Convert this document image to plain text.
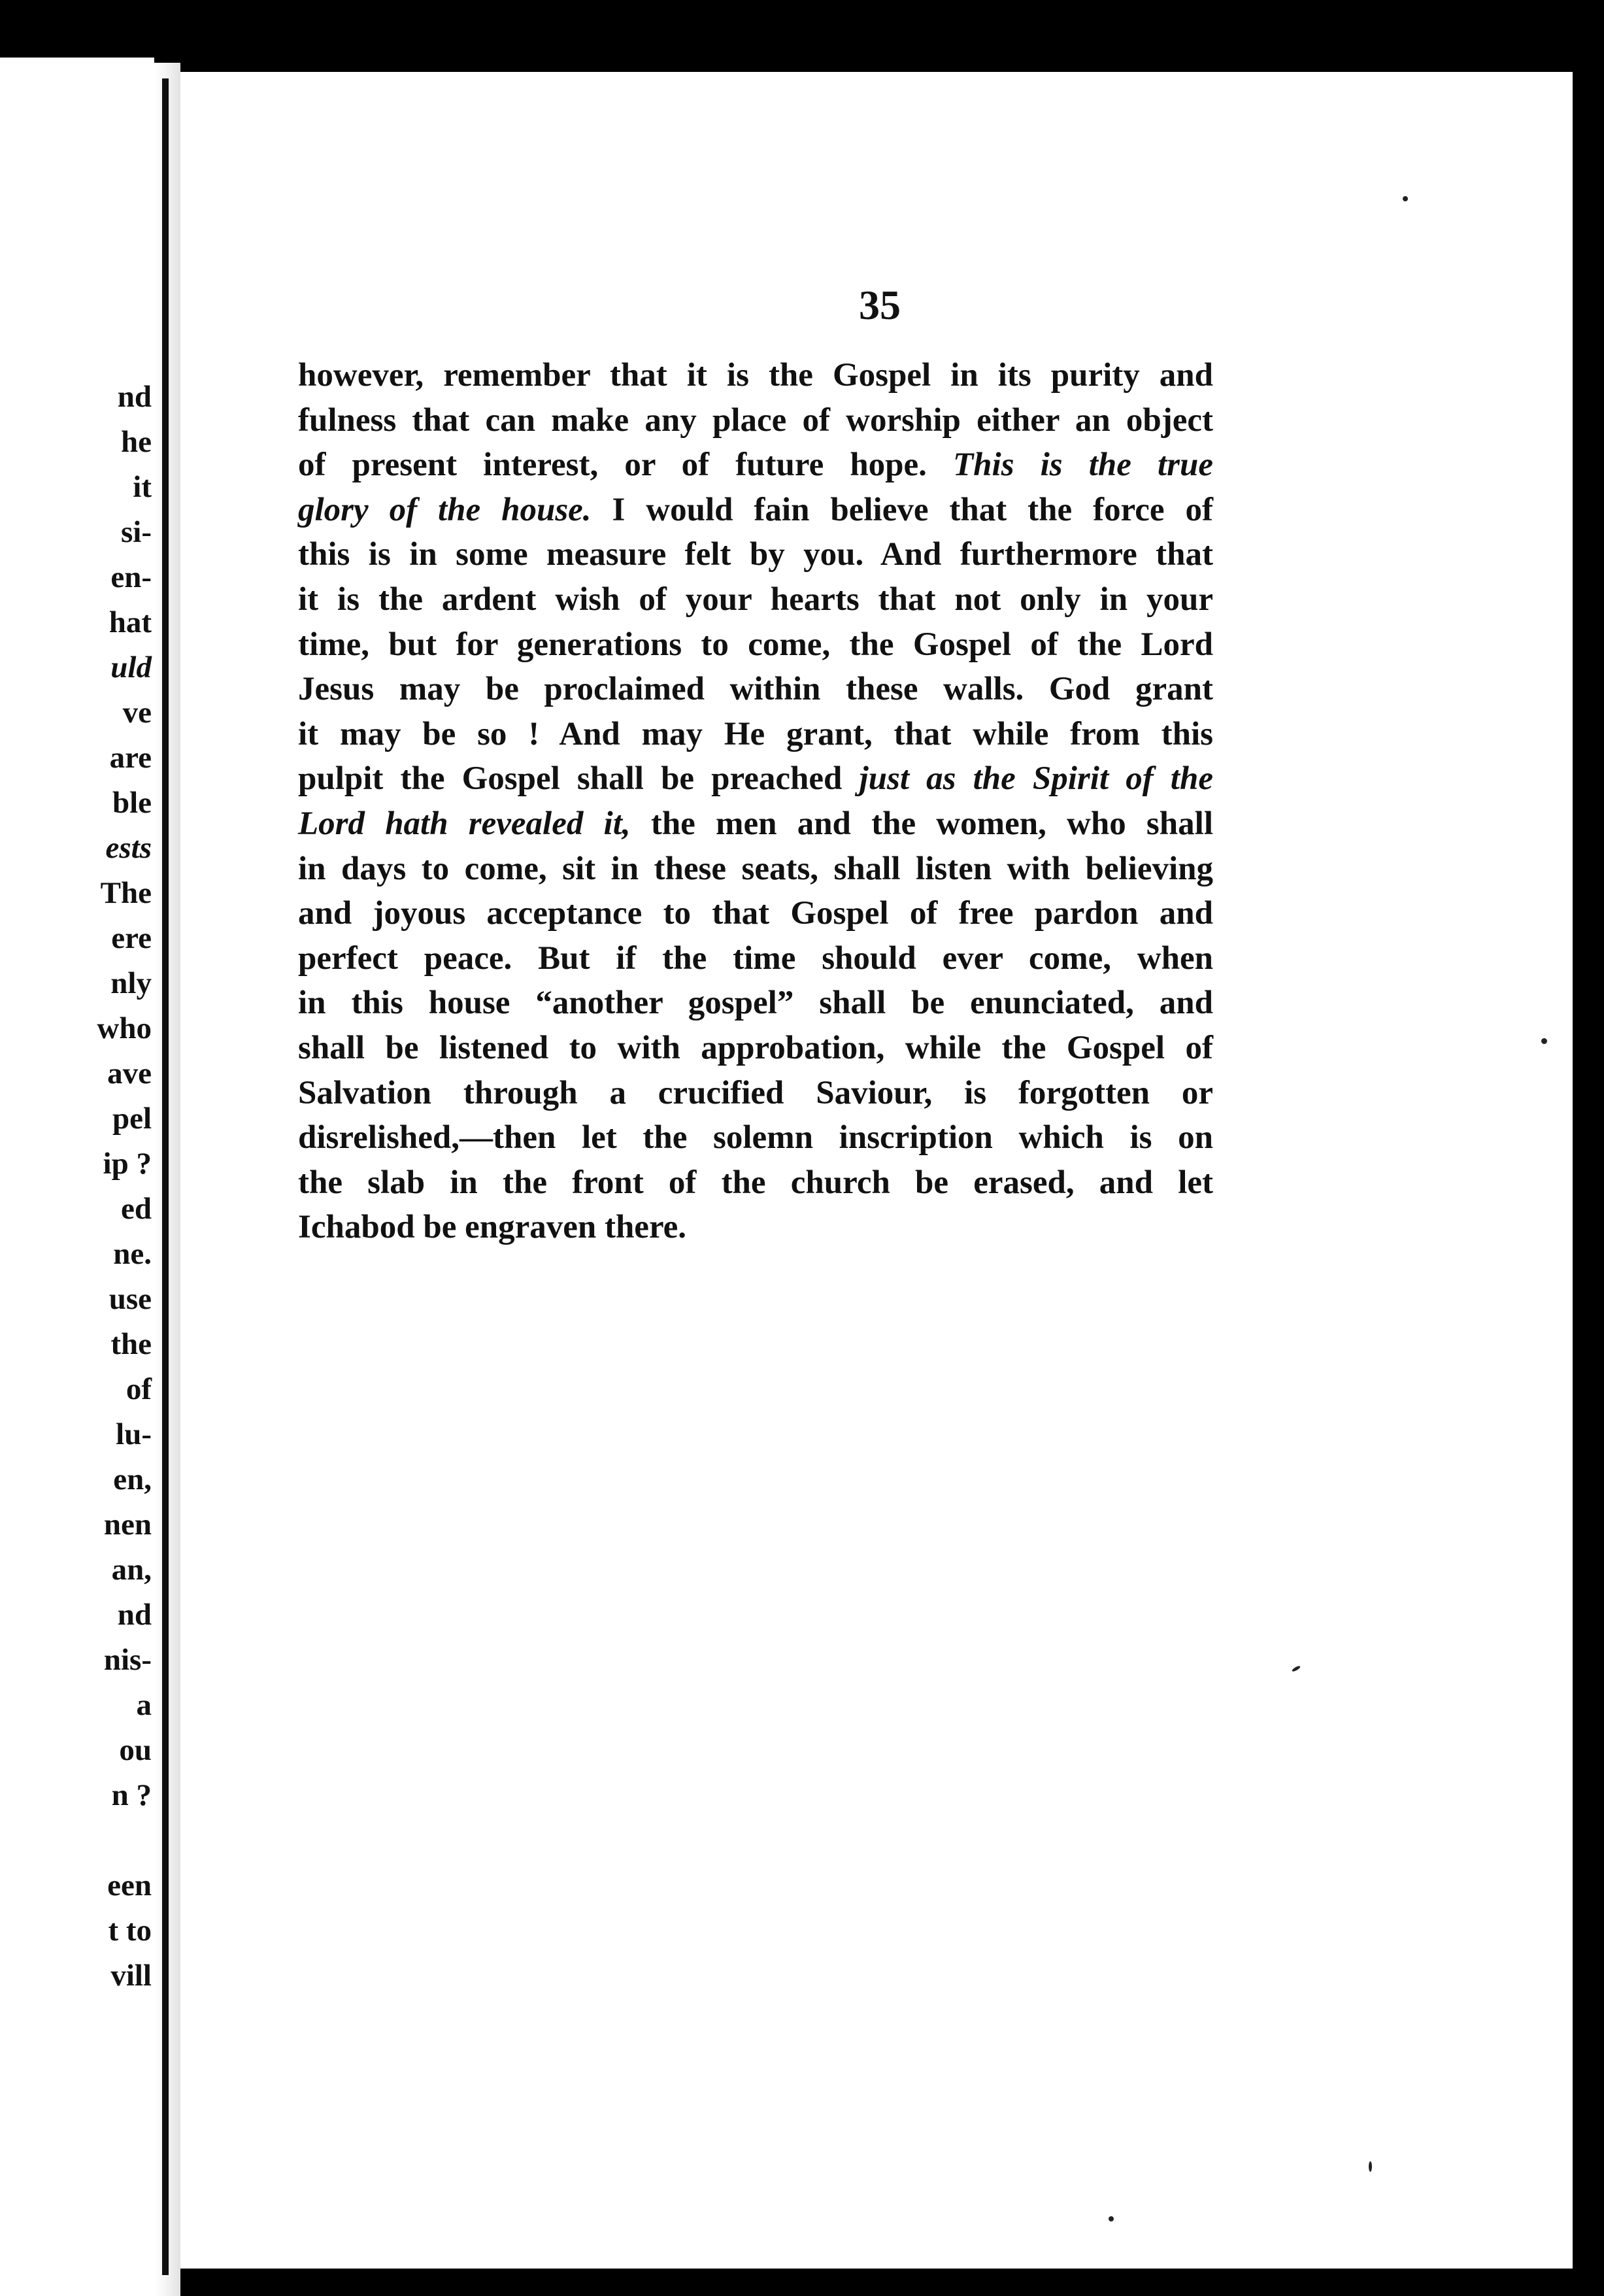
nd
he
it
si-
en-
hat
uld
ve
are
ble
ests
The
ere
nly
who
ave
pel
ip ?
ed
ne.
use
the
of
lu-
en,
nen
an,
nd
nis-
a
ou
n ?
een
t to
vill

35

however, remember that it is the Gospel in its purity and
fulness that can make any place of worship either an object
of present interest, or of future hope. This is the true
glory of the house. I would fain believe that the force of
this is in some measure felt by you. And furthermore that
it is the ardent wish of your hearts that not only in your
time, but for generations to come, the Gospel of the Lord
Jesus may be proclaimed within these walls. God grant
it may be so ! And may He grant, that while from this
pulpit the Gospel shall be preached just as the Spirit of the
Lord hath revealed it, the men and the women, who shall
in days to come, sit in these seats, shall listen with believing
and joyous acceptance to that Gospel of free pardon and
perfect peace. But if the time should ever come, when
in this house “another gospel” shall be enunciated, and
shall be listened to with approbation, while the Gospel of
Salvation through a crucified Saviour, is forgotten or
disrelished,—then let the solemn inscription which is on
the slab in the front of the church be erased, and let
Ichabod be engraven there.
